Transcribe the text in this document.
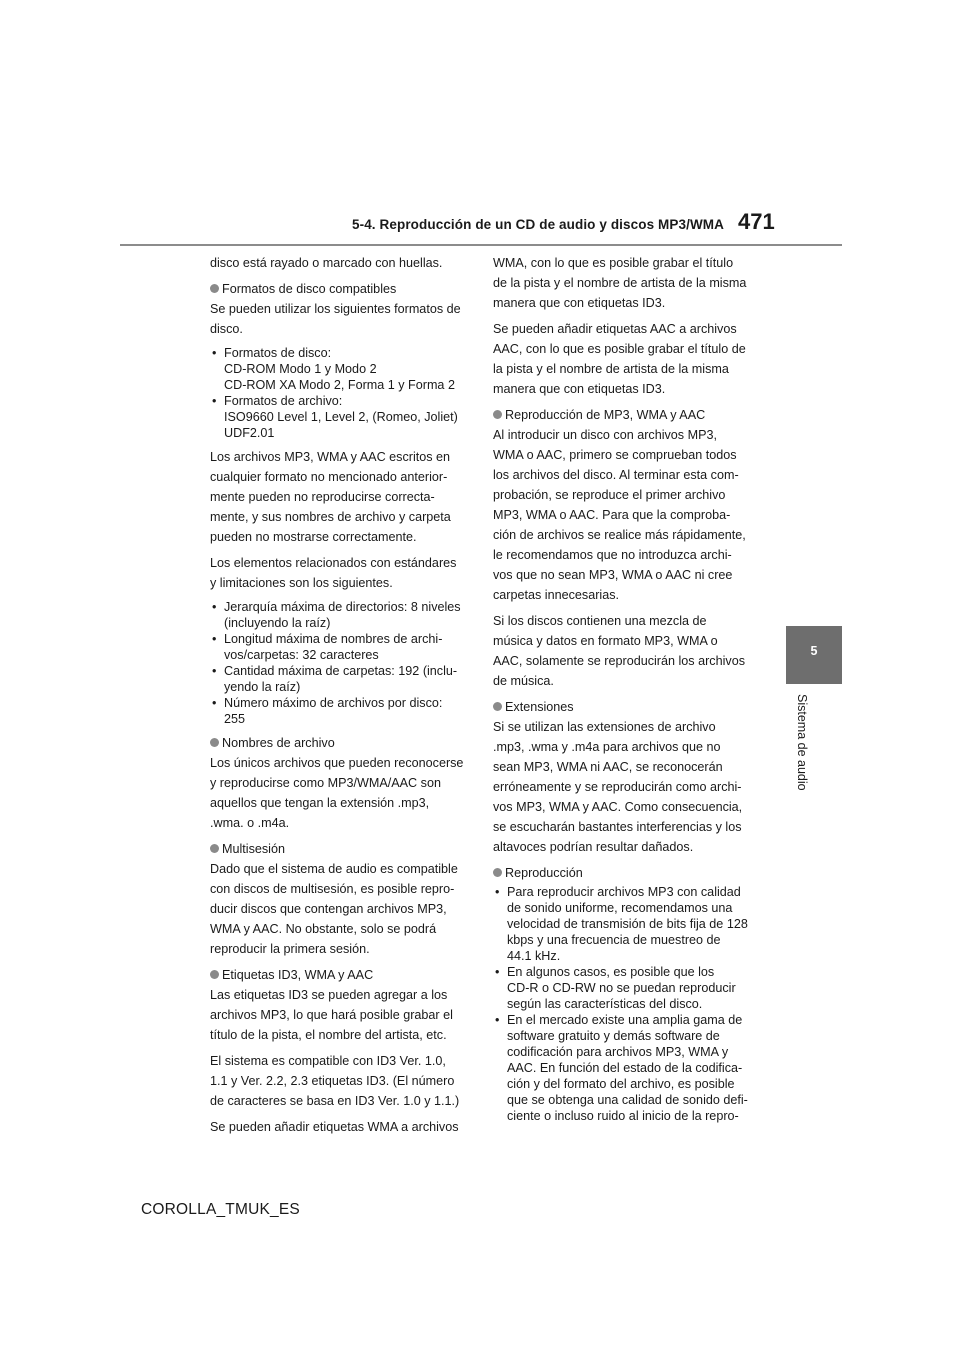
5-4. Reproducción de un CD de audio y discos MP3/WMA 471
5
Sistema de audio
disco está rayado o marcado con huellas.
Formatos de disco compatibles
Se pueden utilizar los siguientes formatos de
disco.
• Formatos de disco:
CD-ROM Modo 1 y Modo 2
CD-ROM XA Modo 2, Forma 1 y Forma 2
• Formatos de archivo:
ISO9660 Level 1, Level 2, (Romeo, Joliet)
UDF2.01
Los archivos MP3, WMA y AAC escritos en
cualquier formato no mencionado anterior-
mente pueden no reproducirse correcta-
mente, y sus nombres de archivo y carpeta
pueden no mostrarse correctamente.
Los elementos relacionados con estándares
y limitaciones son los siguientes.
• Jerarquía máxima de directorios: 8 niveles
(incluyendo la raíz)
• Longitud máxima de nombres de archi-
vos/carpetas: 32 caracteres
• Cantidad máxima de carpetas: 192 (inclu-
yendo la raíz)
• Número máximo de archivos por disco:
255
Nombres de archivo
Los únicos archivos que pueden reconocerse
y reproducirse como MP3/WMA/AAC son
aquellos que tengan la extensión .mp3,
.wma. o .m4a.
Multisesión
Dado que el sistema de audio es compatible
con discos de multisesión, es posible repro-
ducir discos que contengan archivos MP3,
WMA y AAC. No obstante, solo se podrá
reproducir la primera sesión.
Etiquetas ID3, WMA y AAC
Las etiquetas ID3 se pueden agregar a los
archivos MP3, lo que hará posible grabar el
título de la pista, el nombre del artista, etc.
El sistema es compatible con ID3 Ver. 1.0,
1.1 y Ver. 2.2, 2.3 etiquetas ID3. (El número
de caracteres se basa en ID3 Ver. 1.0 y 1.1.)
Se pueden añadir etiquetas WMA a archivos
WMA, con lo que es posible grabar el título
de la pista y el nombre de artista de la misma
manera que con etiquetas ID3.
Se pueden añadir etiquetas AAC a archivos
AAC, con lo que es posible grabar el título de
la pista y el nombre de artista de la misma
manera que con etiquetas ID3.
Reproducción de MP3, WMA y AAC
Al introducir un disco con archivos MP3,
WMA o AAC, primero se comprueban todos
los archivos del disco. Al terminar esta com-
probación, se reproduce el primer archivo
MP3, WMA o AAC. Para que la comproba-
ción de archivos se realice más rápidamente,
le recomendamos que no introduzca archi-
vos que no sean MP3, WMA o AAC ni cree
carpetas innecesarias.
Si los discos contienen una mezcla de
música y datos en formato MP3, WMA o
AAC, solamente se reproducirán los archivos
de música.
Extensiones
Si se utilizan las extensiones de archivo
.mp3, .wma y .m4a para archivos que no
sean MP3, WMA ni AAC, se reconocerán
erróneamente y se reproducirán como archi-
vos MP3, WMA y AAC. Como consecuencia,
se escucharán bastantes interferencias y los
altavoces podrían resultar dañados.
Reproducción
• Para reproducir archivos MP3 con calidad
de sonido uniforme, recomendamos una
velocidad de transmisión de bits fija de 128
kbps y una frecuencia de muestreo de
44.1 kHz.
• En algunos casos, es posible que los
CD-R o CD-RW no se puedan reproducir
según las características del disco.
• En el mercado existe una amplia gama de
software gratuito y demás software de
codificación para archivos MP3, WMA y
AAC. En función del estado de la codifica-
ción y del formato del archivo, es posible
que se obtenga una calidad de sonido defi-
ciente o incluso ruido al inicio de la repro-
COROLLA_TMUK_ES
